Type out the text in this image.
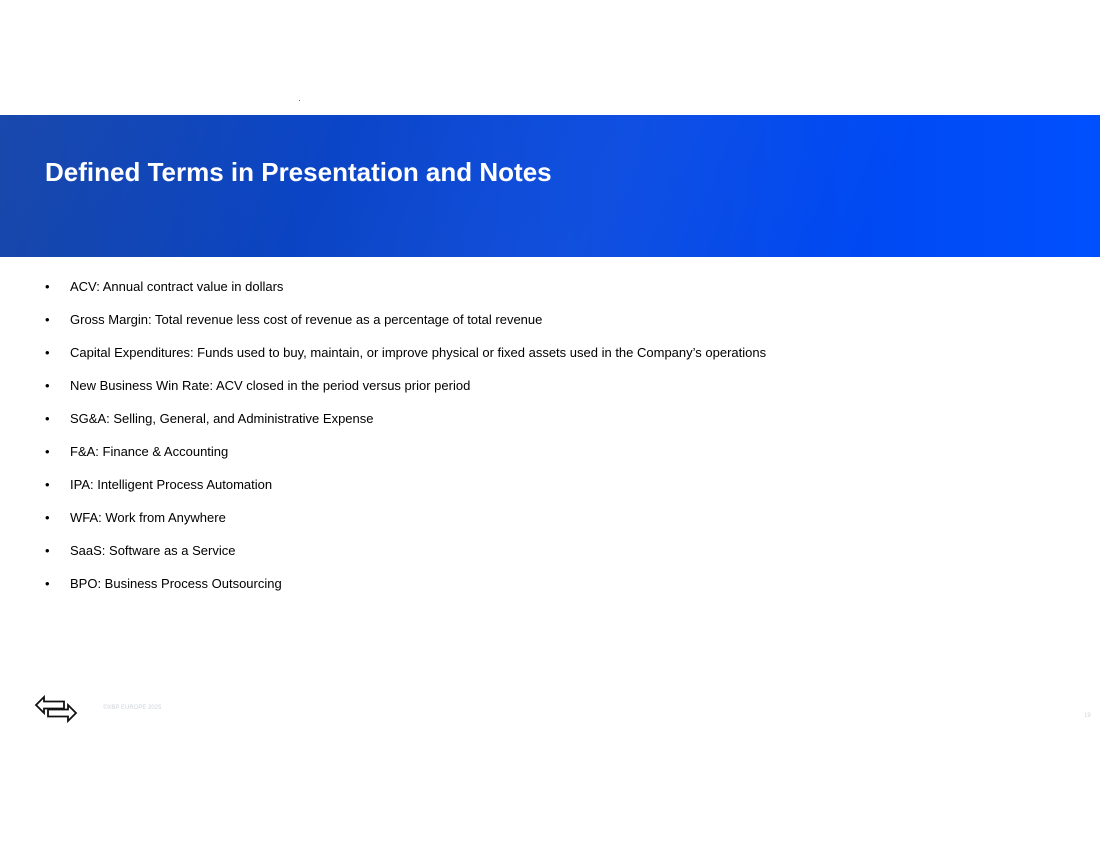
Defined Terms in Presentation and Notes
• ACV: Annual contract value in dollars
• Gross Margin: Total revenue less cost of revenue as a percentage of total revenue
• Capital Expenditures: Funds used to buy, maintain, or improve physical or fixed assets used in the Company’s operations
• New Business Win Rate: ACV closed in the period versus prior period
• SG&A: Selling, General, and Administrative Expense
• F&A: Finance & Accounting
• IPA: Intelligent Process Automation
• WFA: Work from Anywhere
• SaaS: Software as a Service
• BPO: Business Process Outsourcing
©XBP EUROPE 2025
19
